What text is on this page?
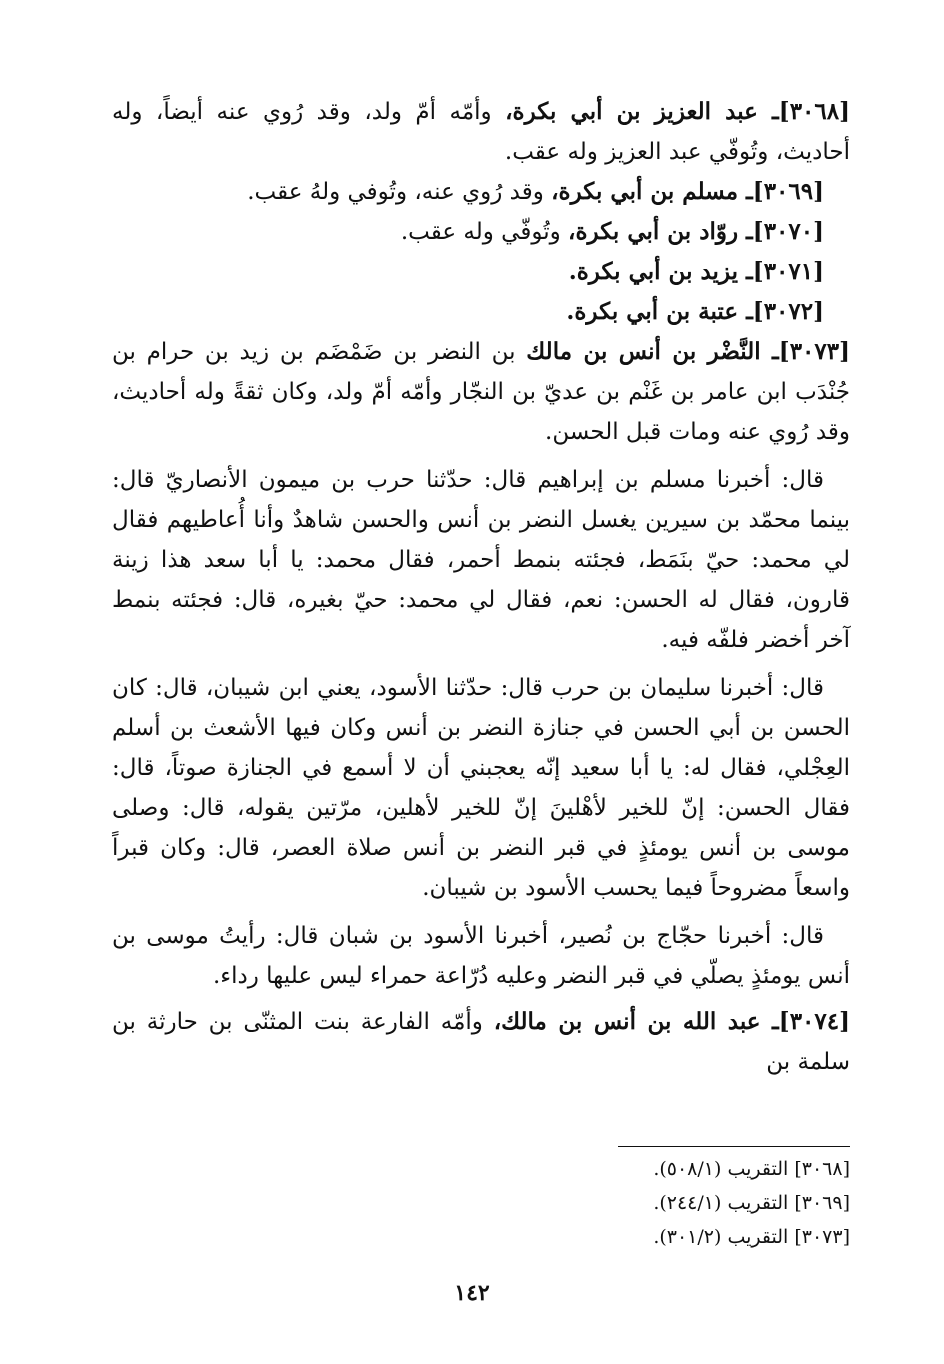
[٣٠٦٨]ـ عبد العزيز بن أبي بكرة، وأمّه أمّ ولد، وقد رُوي عنه أيضاً، وله أحاديث، وتُوفّي عبد العزيز وله عقب.

[٣٠٦٩]ـ مسلم بن أبي بكرة، وقد رُوي عنه، وتُوفي ولهُ عقب.

[٣٠٧٠]ـ روّاد بن أبي بكرة، وتُوفّي وله عقب.

[٣٠٧١]ـ يزيد بن أبي بكرة.

[٣٠٧٢]ـ عتبة بن أبي بكرة.

[٣٠٧٣]ـ النَّضْر بن أنس بن مالك بن النضر بن ضَمْضَم بن زيد بن حرام بن جُنْدَب ابن عامر بن غَنْم بن عديّ بن النجّار وأمّه أمّ ولد، وكان ثقةً وله أحاديث، وقد رُوي عنه ومات قبل الحسن.

قال: أخبرنا مسلم بن إبراهيم قال: حدّثنا حرب بن ميمون الأنصاريّ قال: بينما محمّد بن سيرين يغسل النضر بن أنس والحسن شاهدٌ وأنا أُعاطيهم فقال لي محمد: حيّ بنَمَط، فجئته بنمط أحمر، فقال محمد: يا أبا سعد هذا زينة قارون، فقال له الحسن: نعم، فقال لي محمد: حيّ بغيره، قال: فجئته بنمط آخر أخضر فلفّه فيه.

قال: أخبرنا سليمان بن حرب قال: حدّثنا الأسود، يعني ابن شيبان، قال: كان الحسن بن أبي الحسن في جنازة النضر بن أنس وكان فيها الأشعث بن أسلم العِجْلي، فقال له: يا أبا سعيد إنّه يعجبني أن لا أسمع في الجنازة صوتاً، قال: فقال الحسن: إنّ للخير لأهْلينَ إنّ للخير لأهلين، مرّتين يقوله، قال: وصلى موسى بن أنس يومئذٍ في قبر النضر بن أنس صلاة العصر، قال: وكان قبراً واسعاً مضروحاً فيما يحسب الأسود بن شيبان.

قال: أخبرنا حجّاج بن نُصير، أخبرنا الأسود بن شبان قال: رأيتُ موسى بن أنس يومئذٍ يصلّي في قبر النضر وعليه دُرّاعة حمراء ليس عليها رداء.

[٣٠٧٤]ـ عبد الله بن أنس بن مالك، وأمّه الفارعة بنت المثنّى بن حارثة بن سلمة بن

[٣٠٦٨] التقريب (٥٠٨/١).

[٣٠٦٩] التقريب (٢٤٤/١).

[٣٠٧٣] التقريب (٣٠١/٢).

١٤٢
